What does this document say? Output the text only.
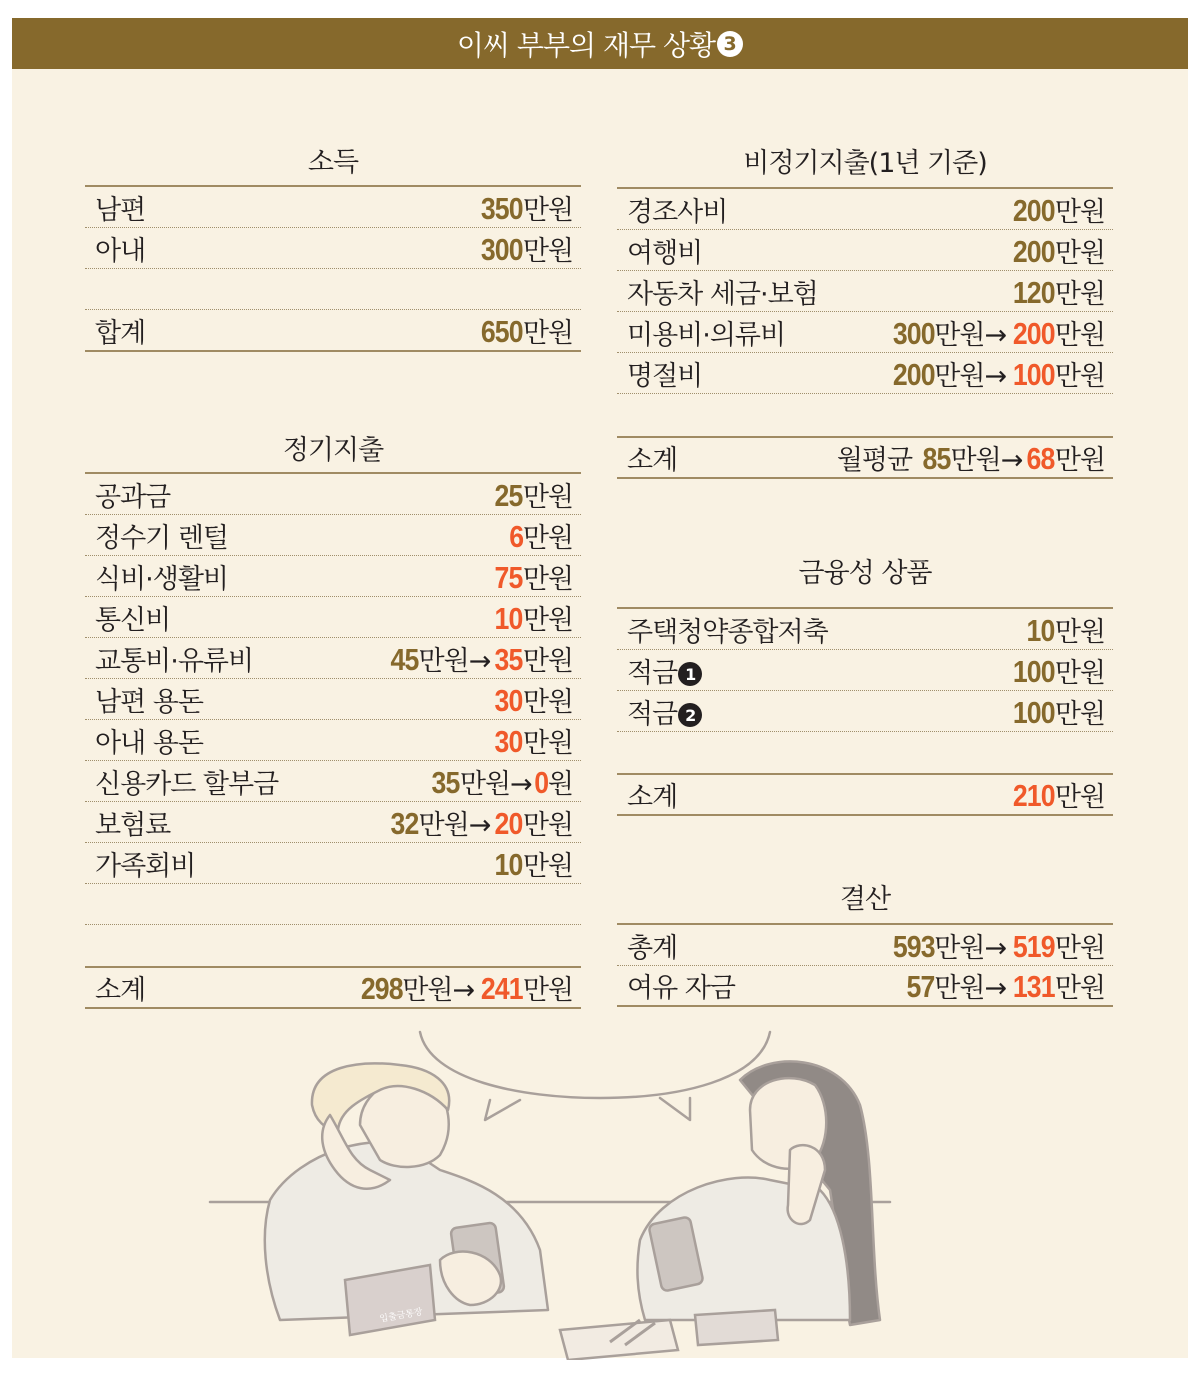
이씨 부부의 재무 상황 3
소득
남편	350 만원
아내	300 만원
합계	650 만원
정기지출
공과금	25 만원
정수기 렌털	6 만원
식비·생활비	75 만원
통신비	10 만원
교통비·유류비	45 만원→ 35 만원
남편 용돈	30 만원
아내 용돈	30 만원
신용카드 할부금	35 만원→ 0 원
보험료	32 만원→ 20 만원
가족회비	10 만원
소계	298 만원→ 241 만원
비정기지출(1년 기준)
경조사비	200 만원
여행비	200 만원
자동차 세금·보험	120 만원
미용비·의류비	300 만원→ 200 만원
명절비	200 만원→ 100 만원
소계	월평균 85 만원→ 68 만원
금융성 상품
주택청약종합저축	10 만원
적금 1	100 만원
적금 2	100 만원
소계	210 만원
결산
총계	593 만원→ 519 만원
여유 자금	57 만원→ 131 만원
입출금통장
